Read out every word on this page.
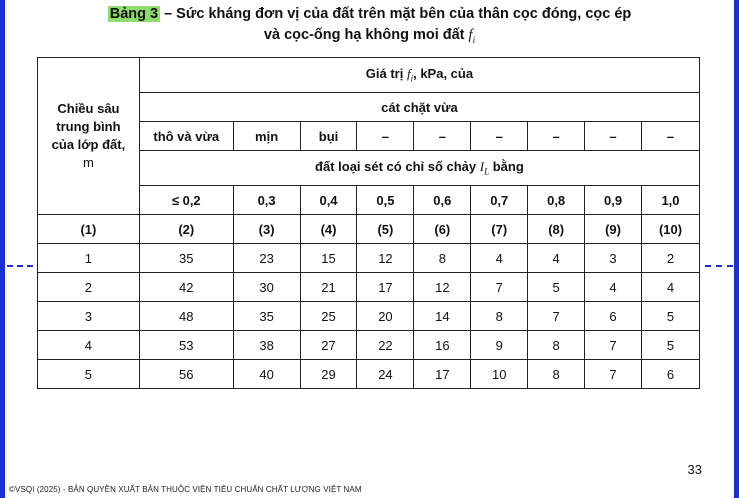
Bảng 3 – Sức kháng đơn vị của đất trên mặt bên của thân cọc đóng, cọc ép
và cọc-ống hạ không moi đất $f_i$
Chiều sâu
trung bình
của lớp đất,
m	Giá trị $f_i$, kPa, của								
	cát chặt vừa								
	thô và vừa	mịn	bụi	–	–	–	–	–	–
	đất loại sét có chỉ số chảy $I_L$ bằng								
	≤ 0,2	0,3	0,4	0,5	0,6	0,7	0,8	0,9	1,0
(1)	(2)	(3)	(4)	(5)	(6)	(7)	(8)	(9)	(10)
1	35	23	15	12	8	4	4	3	2
2	42	30	21	17	12	7	5	4	4
3	48	35	25	20	14	8	7	6	5
4	53	38	27	22	16	9	8	7	5
5	56	40	29	24	17	10	8	7	6
33
©VSQI (2025) - BẢN QUYỀN XUẤT BẢN THUỘC VIỆN TIÊU CHUẨN CHẤT LƯỢNG VIỆT NAM
